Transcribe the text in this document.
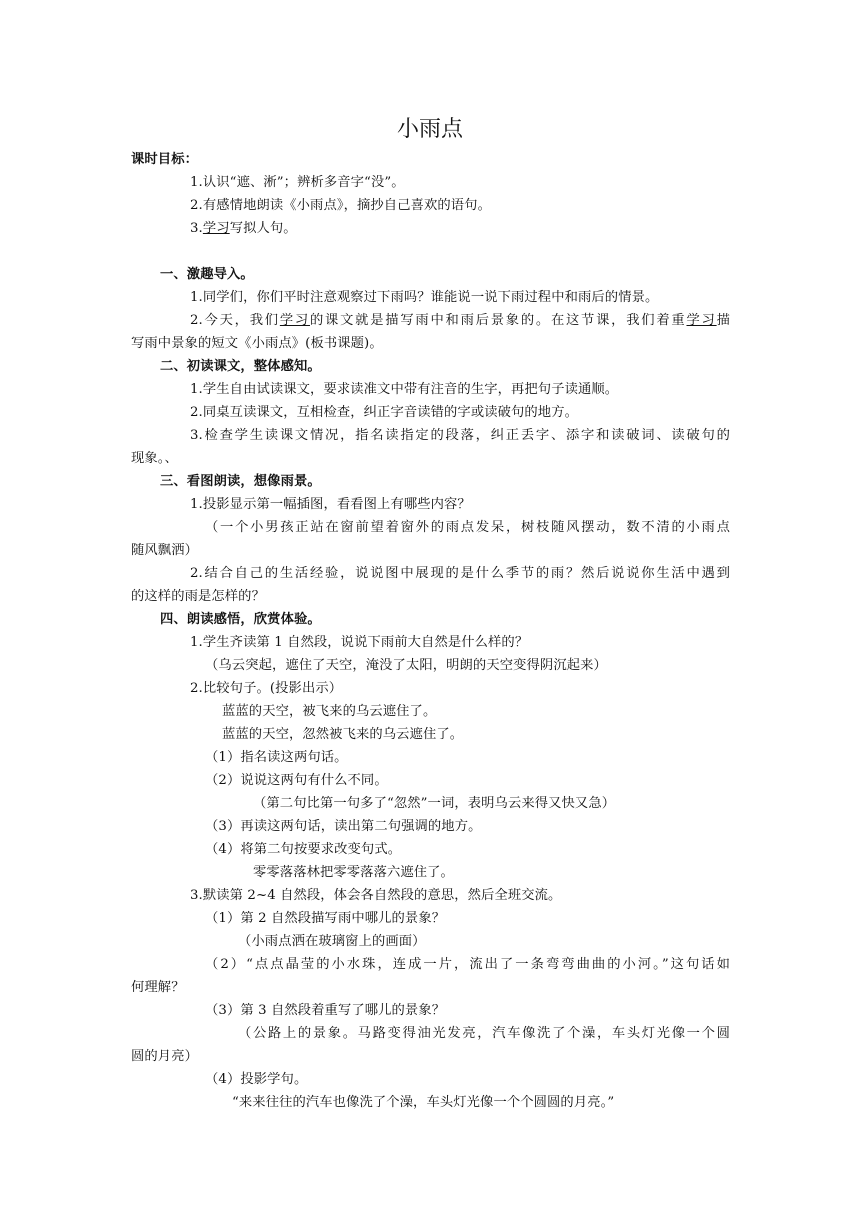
小雨点
课时目标：
1.认识“遮、淅”；辨析多音字“没”。
2.有感情地朗读《小雨点》，摘抄自己喜欢的语句。
3.学习写拟人句。
一、激趣导入。
1.同学们，你们平时注意观察过下雨吗？谁能说一说下雨过程中和雨后的情景。
2.今天，我们学习的课文就是描写雨中和雨后景象的。在这节课，我们着重学习描
写雨中景象的短文《小雨点》(板书课题)。
二、初读课文，整体感知。
1.学生自由试读课文，要求读准文中带有注音的生字，再把句子读通顺。
2.同桌互读课文，互相检查，纠正字音读错的字或读破句的地方。
3.检查学生读课文情况，指名读指定的段落，纠正丢字、添字和读破词、读破句的
现象。、
三、看图朗读，想像雨景。
1.投影显示第一幅插图，看看图上有哪些内容？
（一个小男孩正站在窗前望着窗外的雨点发呆，树枝随风摆动，数不清的小雨点
随风飘洒）
2.结合自己的生活经验，说说图中展现的是什么季节的雨？然后说说你生活中遇到
的这样的雨是怎样的？
四、朗读感悟，欣赏体验。
1.学生齐读第 1 自然段，说说下雨前大自然是什么样的？
（乌云突起，遮住了天空，淹没了太阳，明朗的天空变得阴沉起来）
2.比较句子。(投影出示）
蓝蓝的天空，被飞来的乌云遮住了。
蓝蓝的天空，忽然被飞来的乌云遮住了。
（1）指名读这两句话。
（2）说说这两句有什么不同。
（第二句比第一句多了“忽然”一词，表明乌云来得又快又急）
（3）再读这两句话，读出第二句强调的地方。
（4）将第二句按要求改变句式。
零零落落林把零零落落六遮住了。
3.默读第 2~4 自然段，体会各自然段的意思，然后全班交流。
（1）第 2 自然段描写雨中哪儿的景象？
（小雨点洒在玻璃窗上的画面）
（2）“点点晶莹的小水珠，连成一片，流出了一条弯弯曲曲的小河。”这句话如
何理解？
（3）第 3 自然段着重写了哪儿的景象？
（公路上的景象。马路变得油光发亮，汽车像洗了个澡，车头灯光像一个圆
圆的月亮）
（4）投影学句。
“来来往往的汽车也像洗了个澡，车头灯光像一个个圆圆的月亮。”
